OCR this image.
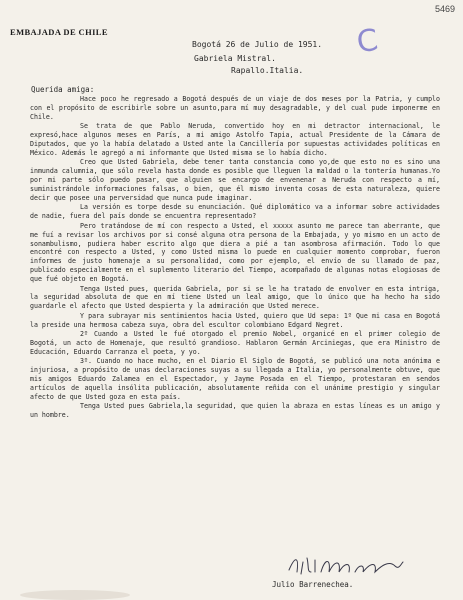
5469
EMBAJADA DE CHILE	C
Bogotá 26 de Julio de 1951.
Gabriela Mistral.
Rapallo.Italia.
Querida amiga:

Hace poco he regresado a Bogotá después de un viaje de dos meses por la Patria, y cumplo con el propósito de escribirle sobre un asunto,para mí muy desagradable, y del cual pude imponerme en Chile.

Se trata de que Pablo Neruda, convertido hoy en mi detractor internacional, le expresó,hace algunos meses en París, a mi amigo Astolfo Tapia, actual Presidente de la Cámara de Diputados, que yo la había delatado a Usted ante la Cancillería por supuestas actividades políticas en México. Además le agregó a mi informante que Usted misma se lo había dicho.

Creo que Usted Gabriela, debe tener tanta constancia como yo,de que esto no es sino una inmunda calumnia, que sólo revela hasta donde es posible que lleguen la maldad o la tontería humanas.Yo por mi parte sólo puedo pasar, que alguien se encargo de envenenar a Neruda con respecto a mí, suministrándole informaciones falsas, o bien, que él mismo inventa cosas de esta naturaleza, quiere decir que posee una perversidad que nunca pude imaginar.

La versión es torpe desde su enunciación. Qué diplomático va a informar sobre actividades de nadie, fuera del país donde se encuentra representado?

Pero tratándose de mí con respecto a Usted, el xxxxx asunto me parece tan aberrante, que me fuí a revisar los archivos por si consé alguna otra persona de la Embajada, y yo mismo en un acto de sonambulismo, pudiera haber escrito algo que diera a pié a tan asombrosa afirmación. Todo lo que encontré con respecto a Usted, y como Usted misma lo puede en cualquier momento comprobar, fueron informes de justo homenaje a su personalidad, como por ejemplo, el envío de su llamado de paz, publicado especialmente en el suplemento literario del Tiempo, acompañado de algunas notas elogiosas de que fué objeto en Bogotá.

Tenga Usted pues, querida Gabriela, por si se le ha tratado de envolver en esta intriga, la seguridad absoluta de que en mí tiene Usted un leal amigo, que lo único que ha hecho ha sido guardarle el afecto que Usted despierta y la admiración que Usted merece.

Y para subrayar mis sentimientos hacia Usted, quiero que Ud sepa: 1º Que mi casa en Bogotá la preside una hermosa cabeza suya, obra del escultor colombiano Edgard Negret.

2º Cuando a Usted le fué otorgado el premio Nobel, organicé en el primer colegio de Bogotá, un acto de Homenaje, que resultó grandioso. Hablaron Germán Arciniegas, que era Ministro de Educación, Eduardo Carranza el poeta, y yo.

3º. Cuando no hace mucho, en el Diario El Siglo de Bogotá, se publicó una nota anónima e injuriosa, a propósito de unas declaraciones suyas a su llegada a Italia, yo personalmente obtuve, que mis amigos Eduardo Zalamea en el Espectador, y Jayme Posada en el Tiempo, protestaran en sendos artículos de aquella insólita publicación, absolutamente reñida con el unánime prestigio y singular afecto de que Usted goza en esta país.

Tenga Usted pues Gabriela,la seguridad, que quien la abraza en estas líneas es un amigo y un hombre.

Julio Barrenechea.
